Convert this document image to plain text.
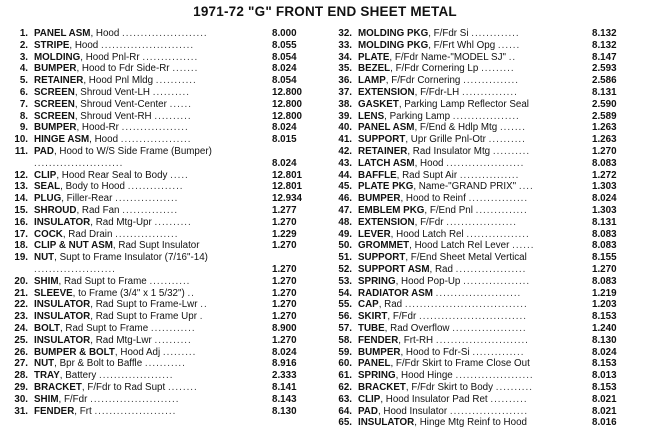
1971-72 "G" FRONT END SHEET METAL
1. PANEL ASM, Hood .......................	8.000
2. STRIPE, Hood .........................	8.055
3. MOLDING, Hood Pnl-Rr ...............	8.054
4. BUMPER, Hood to Fdr Side-Rr .......	8.024
5. RETAINER, Hood Pnl Mldg ...........	8.054
6. SCREEN, Shroud Vent-LH ..........	12.800
7. SCREEN, Shroud Vent-Center ......	12.800
8. SCREEN, Shroud Vent-RH ..........	12.800
9. BUMPER, Hood-Rr ..................	8.024
10. HINGE ASM, Hood ...................	8.015
11. PAD, Hood to W/S Side Frame (Bumper) ........................	8.024
12. CLIP, Hood Rear Seal to Body .....	12.801
13. SEAL, Body to Hood ...............	12.801
14. PLUG, Filler-Rear .................	12.934
15. SHROUD, Rad Fan ...............	1.277
16. INSULATOR, Rad Mtg-Upr ..........	1.270
17. COCK, Rad Drain .................	1.229
18. CLIP & NUT ASM, Rad Supt Insulator	1.270
19. NUT, Supt to Frame Insulator (7/16"-14) ......................	1.270
20. SHIM, Rad Supt to Frame ...........	1.270
21. SLEEVE, to Frame (3/4" x 1 5/32") ..	1.270
22. INSULATOR, Rad Supt to Frame-Lwr ..	1.270
23. INSULATOR, Rad Supt to Frame Upr .	1.270
24. BOLT, Rad Supt to Frame ............	8.900
25. INSULATOR, Rad Mtg-Lwr ..........	1.270
26. BUMPER & BOLT, Hood Adj .........	8.024
27. NUT, Bpr & Bolt to Baffle ...........	8.916
28. TRAY, Battery ....................	2.333
29. BRACKET, F/Fdr to Rad Supt ........	8.141
30. SHIM, F/Fdr ........................	8.143
31. FENDER, Frt ......................	8.130
32. MOLDING PKG, F/Fdr Si .............	8.132
33. MOLDING PKG, F/Frt Whl Opg ......	8.132
34. PLATE, F/Fdr Name-"MODEL SJ" ..	8.147
35. BEZEL, F/Fdr Cornering Lp .........	2.593
36. LAMP, F/Fdr Cornering ...............	2.586
37. EXTENSION, F/Fdr-LH ...............	8.131
38. GASKET, Parking Lamp Reflector Seal	2.590
39. LENS, Parking Lamp ..................	2.589
40. PANEL ASM, F/End & Hdlp Mtg .......	1.263
41. SUPPORT, Upr Grille Pnl-Otr ..........	1.263
42. RETAINER, Rad Insulator Mtg ..........	1.270
43. LATCH ASM, Hood .....................	8.083
44. BAFFLE, Rad Supt Air ................	1.272
45. PLATE PKG, Name-"GRAND PRIX" ....	1.303
46. BUMPER, Hood to Reinf ................	8.024
47. EMBLEM PKG, F/End Pnl ..............	1.303
48. EXTENSION, F/Fdr ...................	8.131
49. LEVER, Hood Latch Rel .................	8.083
50. GROMMET, Hood Latch Rel Lever ......	8.083
51. SUPPORT, F/End Sheet Metal Vertical	8.155
52. SUPPORT ASM, Rad ...................	1.270
53. SPRING, Hood Pop-Up ..................	8.083
54. RADIATOR ASM .......................	1.219
55. CAP, Rad .................................	1.203
56. SKIRT, F/Fdr .............................	8.153
57. TUBE, Rad Overflow ....................	1.240
58. FENDER, Frt-RH .........................	8.130
59. BUMPER, Hood to Fdr-Si ..............	8.024
60. PANEL, F/Fdr Skirt to Frame Close Out	8.153
61. SPRING, Hood Hinge .....................	8.013
62. BRACKET, F/Fdr Skirt to Body ..........	8.153
63. CLIP, Hood Insulator Pad Ret ..........	8.021
64. PAD, Hood Insulator .....................	8.021
65. INSULATOR, Hinge Mtg Reinf to Hood	8.016
